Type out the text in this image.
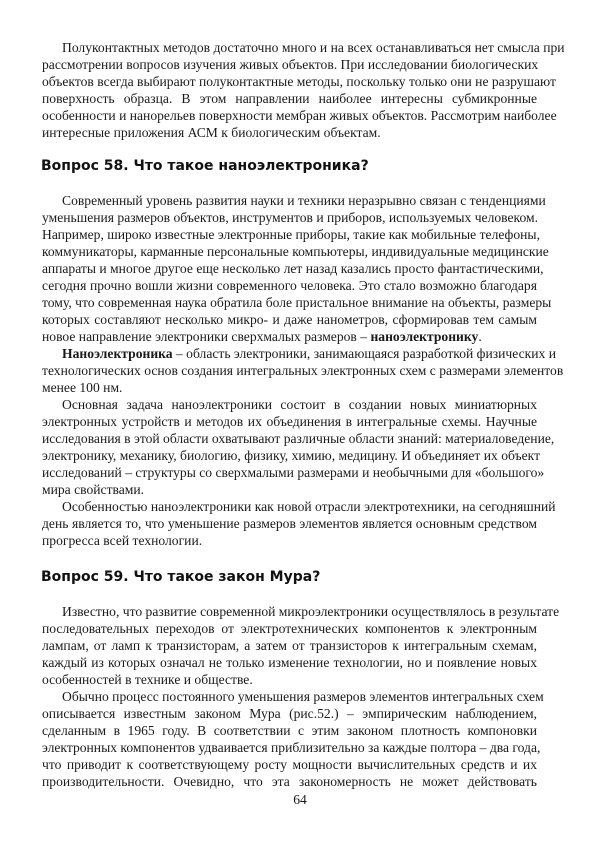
Полуконтактных методов достаточно много и на всех останавливаться нет смысла при
рассмотрении вопросов изучения живых объектов. При исследовании биологических
объектов всегда выбирают полуконтактные методы, поскольку только они не разрушают
поверхность образца. В этом направлении наиболее интересны субмикронные
особенности и нанорельев поверхности мембран живых объектов. Рассмотрим наиболее
интересные приложения АСМ к биологическим объектам.
Вопрос 58. Что такое наноэлектроника?
Современный уровень развития науки и техники неразрывно связан с тенденциями
уменьшения размеров объектов, инструментов и приборов, используемых человеком.
Например, широко известные электронные приборы, такие как мобильные телефоны,
коммуникаторы, карманные персональные компьютеры, индивидуальные медицинские
аппараты и многое другое еще несколько лет назад казались просто фантастическими,
сегодня прочно вошли жизни современного человека. Это стало возможно благодаря
тому, что современная наука обратила боле пристальное внимание на объекты, размеры
которых составляют несколько микро- и даже нанометров, сформировав тем самым
новое направление электроники сверхмалых размеров – наноэлектронику.
Наноэлектроника – область электроники, занимающаяся разработкой физических и
технологических основ создания интегральных электронных схем с размерами элементов
менее 100 нм.
Основная задача наноэлектроники состоит в создании новых миниатюрных
электронных устройств и методов их объединения в интегральные схемы. Научные
исследования в этой области охватывают различные области знаний: материаловедение,
электронику, механику, биологию, физику, химию, медицину. И объединяет их объект
исследований – структуры со сверхмалыми размерами и необычными для «большого»
мира свойствами.
Особенностью наноэлектроники как новой отрасли электротехники, на сегодняшний
день является то, что уменьшение размеров элементов является основным средством
прогресса всей технологии.
Вопрос 59. Что такое закон Мура?
Известно, что развитие современной микроэлектроники осуществлялось в результате
последовательных переходов от электротехнических компонентов к электронным
лампам, от ламп к транзисторам, а затем от транзисторов к интегральным схемам,
каждый из которых означал не только изменение технологии, но и появление новых
особенностей в технике и обществе.
Обычно процесс постоянного уменьшения размеров элементов интегральных схем
описывается известным законом Мура (рис.52.) – эмпирическим наблюдением,
сделанным в 1965 году. В соответствии с этим законом плотность компоновки
электронных компонентов удваивается приблизительно за каждые полтора – два года,
что приводит к соответствующему росту мощности вычислительных средств и их
производительности. Очевидно, что эта закономерность не может действовать
64
